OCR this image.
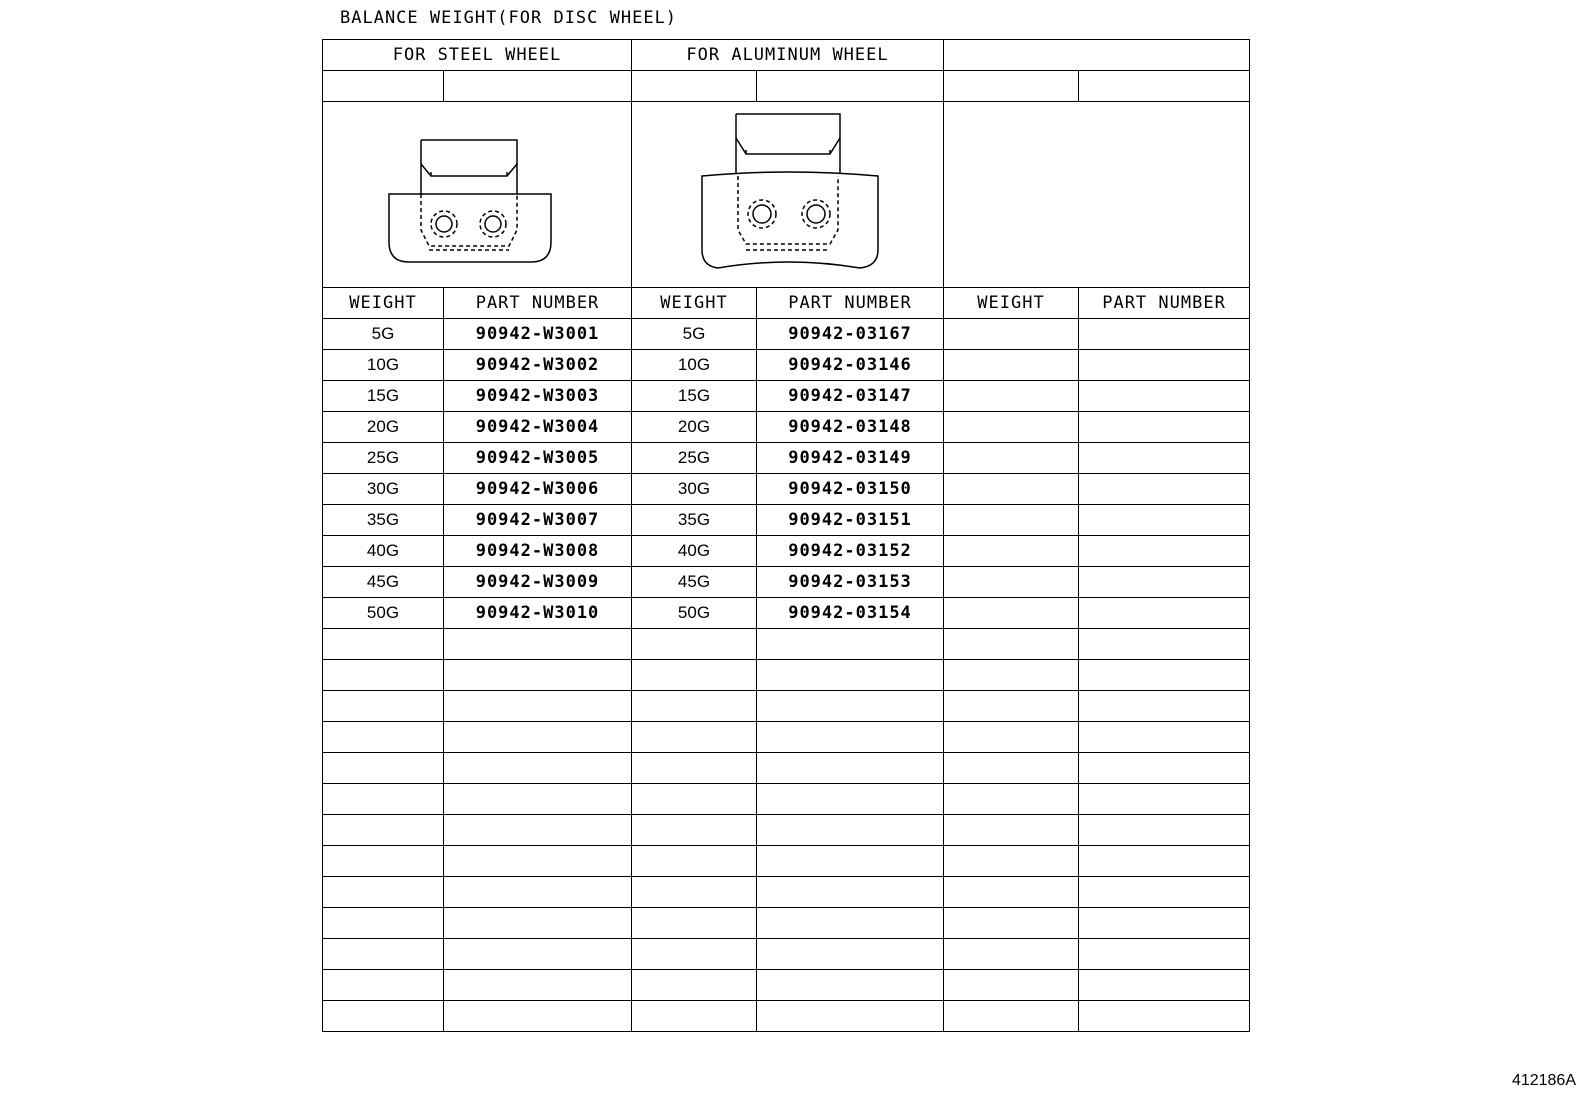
BALANCE WEIGHT(FOR DISC WHEEL)
FOR STEEL WHEEL		FOR ALUMINUM WHEEL			

WEIGHT	PART NUMBER	WEIGHT	PART NUMBER	WEIGHT	PART NUMBER
5G	90942-W3001	5G	90942-03167		
10G	90942-W3002	10G	90942-03146		
15G	90942-W3003	15G	90942-03147		
20G	90942-W3004	20G	90942-03148		
25G	90942-W3005	25G	90942-03149		
30G	90942-W3006	30G	90942-03150		
35G	90942-W3007	35G	90942-03151		
40G	90942-W3008	40G	90942-03152		
45G	90942-W3009	45G	90942-03153		
50G	90942-W3010	50G	90942-03154		

412186A
